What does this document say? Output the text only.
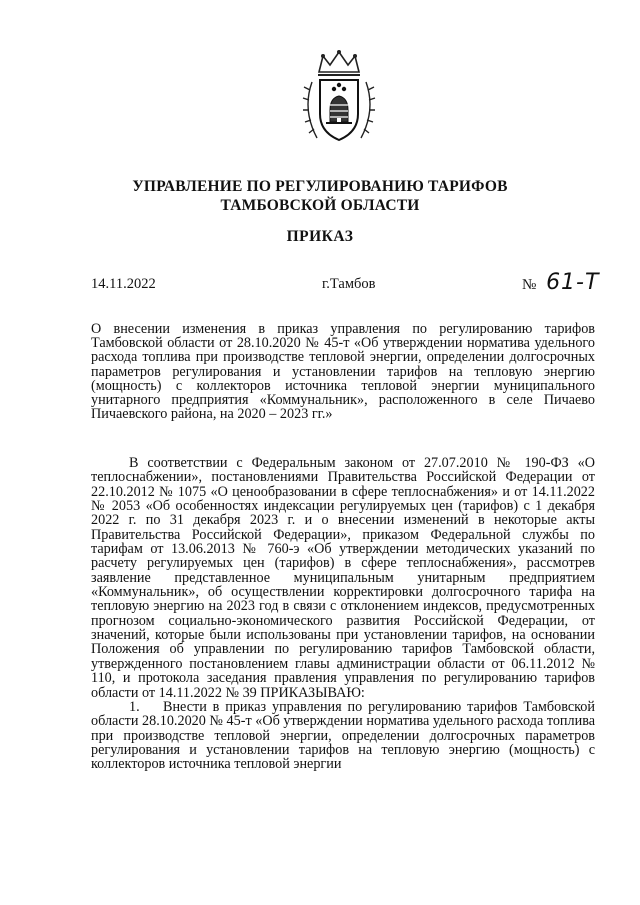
УПРАВЛЕНИЕ ПО РЕГУЛИРОВАНИЮ ТАРИФОВ
ТАМБОВСКОЙ ОБЛАСТИ
ПРИКАЗ
14.11.2022	г.Тамбов	№ 61-Т
О внесении изменения в приказ управления по регулированию тарифов Тамбовской области от 28.10.2020 № 45-т «Об утверждении норматива удельного расхода топлива при производстве тепловой энергии, определении долгосрочных параметров регулирования и установлении тарифов на тепловую энергию (мощность) с коллекторов источника тепловой энергии муниципального унитарного предприятия «Коммунальник», расположенного в селе Пичаево Пичаевского района, на 2020 – 2023 гг.»

В соответствии с Федеральным законом от 27.07.2010 № 190-ФЗ «О теплоснабжении», постановлениями Правительства Российской Федерации от 22.10.2012 № 1075 «О ценообразовании в сфере теплоснабжения» и от 14.11.2022 № 2053 «Об особенностях индексации регулируемых цен (тарифов) с 1 декабря 2022 г. по 31 декабря 2023 г. и о внесении изменений в некоторые акты Правительства Российской Федерации», приказом Федеральной службы по тарифам от 13.06.2013 № 760-э «Об утверждении методических указаний по расчету регулируемых цен (тарифов) в сфере теплоснабжения», рассмотрев заявление представленное муниципальным унитарным предприятием «Коммунальник», об осуществлении корректировки долгосрочного тарифа на тепловую энергию на 2023 год в связи с отклонением индексов, предусмотренных прогнозом социально-экономического развития Российской Федерации, от значений, которые были использованы при установлении тарифов, на основании Положения об управлении по регулированию тарифов Тамбовской области, утвержденного постановлением главы администрации области от 06.11.2012 № 110, и протокола заседания правления управления по регулированию тарифов области от 14.11.2022 № 39 ПРИКАЗЫВАЮ:

1. Внести в приказ управления по регулированию тарифов Тамбовской области 28.10.2020 № 45-т «Об утверждении норматива удельного расхода топлива при производстве тепловой энергии, определении долгосрочных параметров регулирования и установлении тарифов на тепловую энергию (мощность) с коллекторов источника тепловой энергии
